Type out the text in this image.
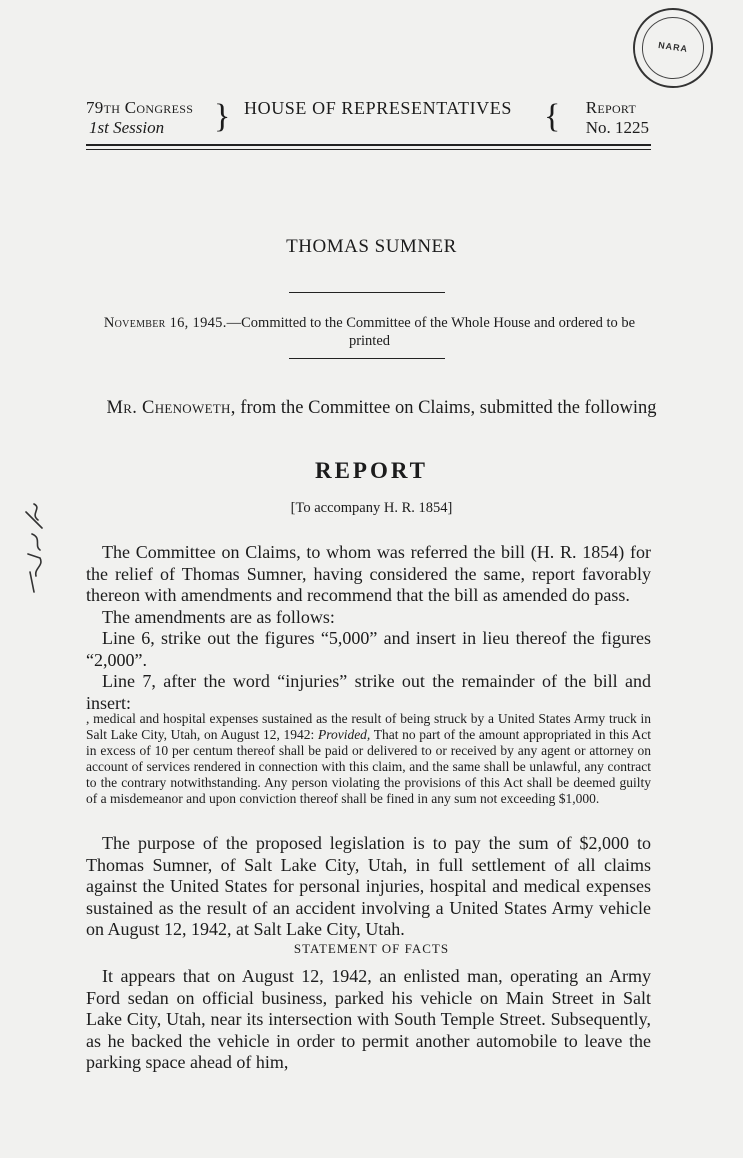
NARA
79th Congress
1st Session	} HOUSE OF REPRESENTATIVES { Report
No. 1225
THOMAS SUMNER
November 16, 1945.—Committed to the Committee of the Whole House and ordered to be printed
Mr. Chenoweth, from the Committee on Claims, submitted the following
REPORT
[To accompany H. R. 1854]

The Committee on Claims, to whom was referred the bill (H. R. 1854) for the relief of Thomas Sumner, having considered the same, report favorably thereon with amendments and recommend that the bill as amended do pass.

The amendments are as follows:

Line 6, strike out the figures “5,000” and insert in lieu thereof the figures “2,000”.

Line 7, after the word “injuries” strike out the remainder of the bill and insert:

, medical and hospital expenses sustained as the result of being struck by a United States Army truck in Salt Lake City, Utah, on August 12, 1942: Provided, That no part of the amount appropriated in this Act in excess of 10 per centum thereof shall be paid or delivered to or received by any agent or attorney on account of services rendered in connection with this claim, and the same shall be unlawful, any contract to the contrary notwithstanding. Any person violating the provisions of this Act shall be deemed guilty of a misdemeanor and upon conviction thereof shall be fined in any sum not exceeding $1,000.

The purpose of the proposed legislation is to pay the sum of $2,000 to Thomas Sumner, of Salt Lake City, Utah, in full settlement of all claims against the United States for personal injuries, hospital and medical expenses sustained as the result of an accident involving a United States Army vehicle on August 12, 1942, at Salt Lake City, Utah.

STATEMENT OF FACTS

It appears that on August 12, 1942, an enlisted man, operating an Army Ford sedan on official business, parked his vehicle on Main Street in Salt Lake City, Utah, near its intersection with South Temple Street. Subsequently, as he backed the vehicle in order to permit another automobile to leave the parking space ahead of him,
